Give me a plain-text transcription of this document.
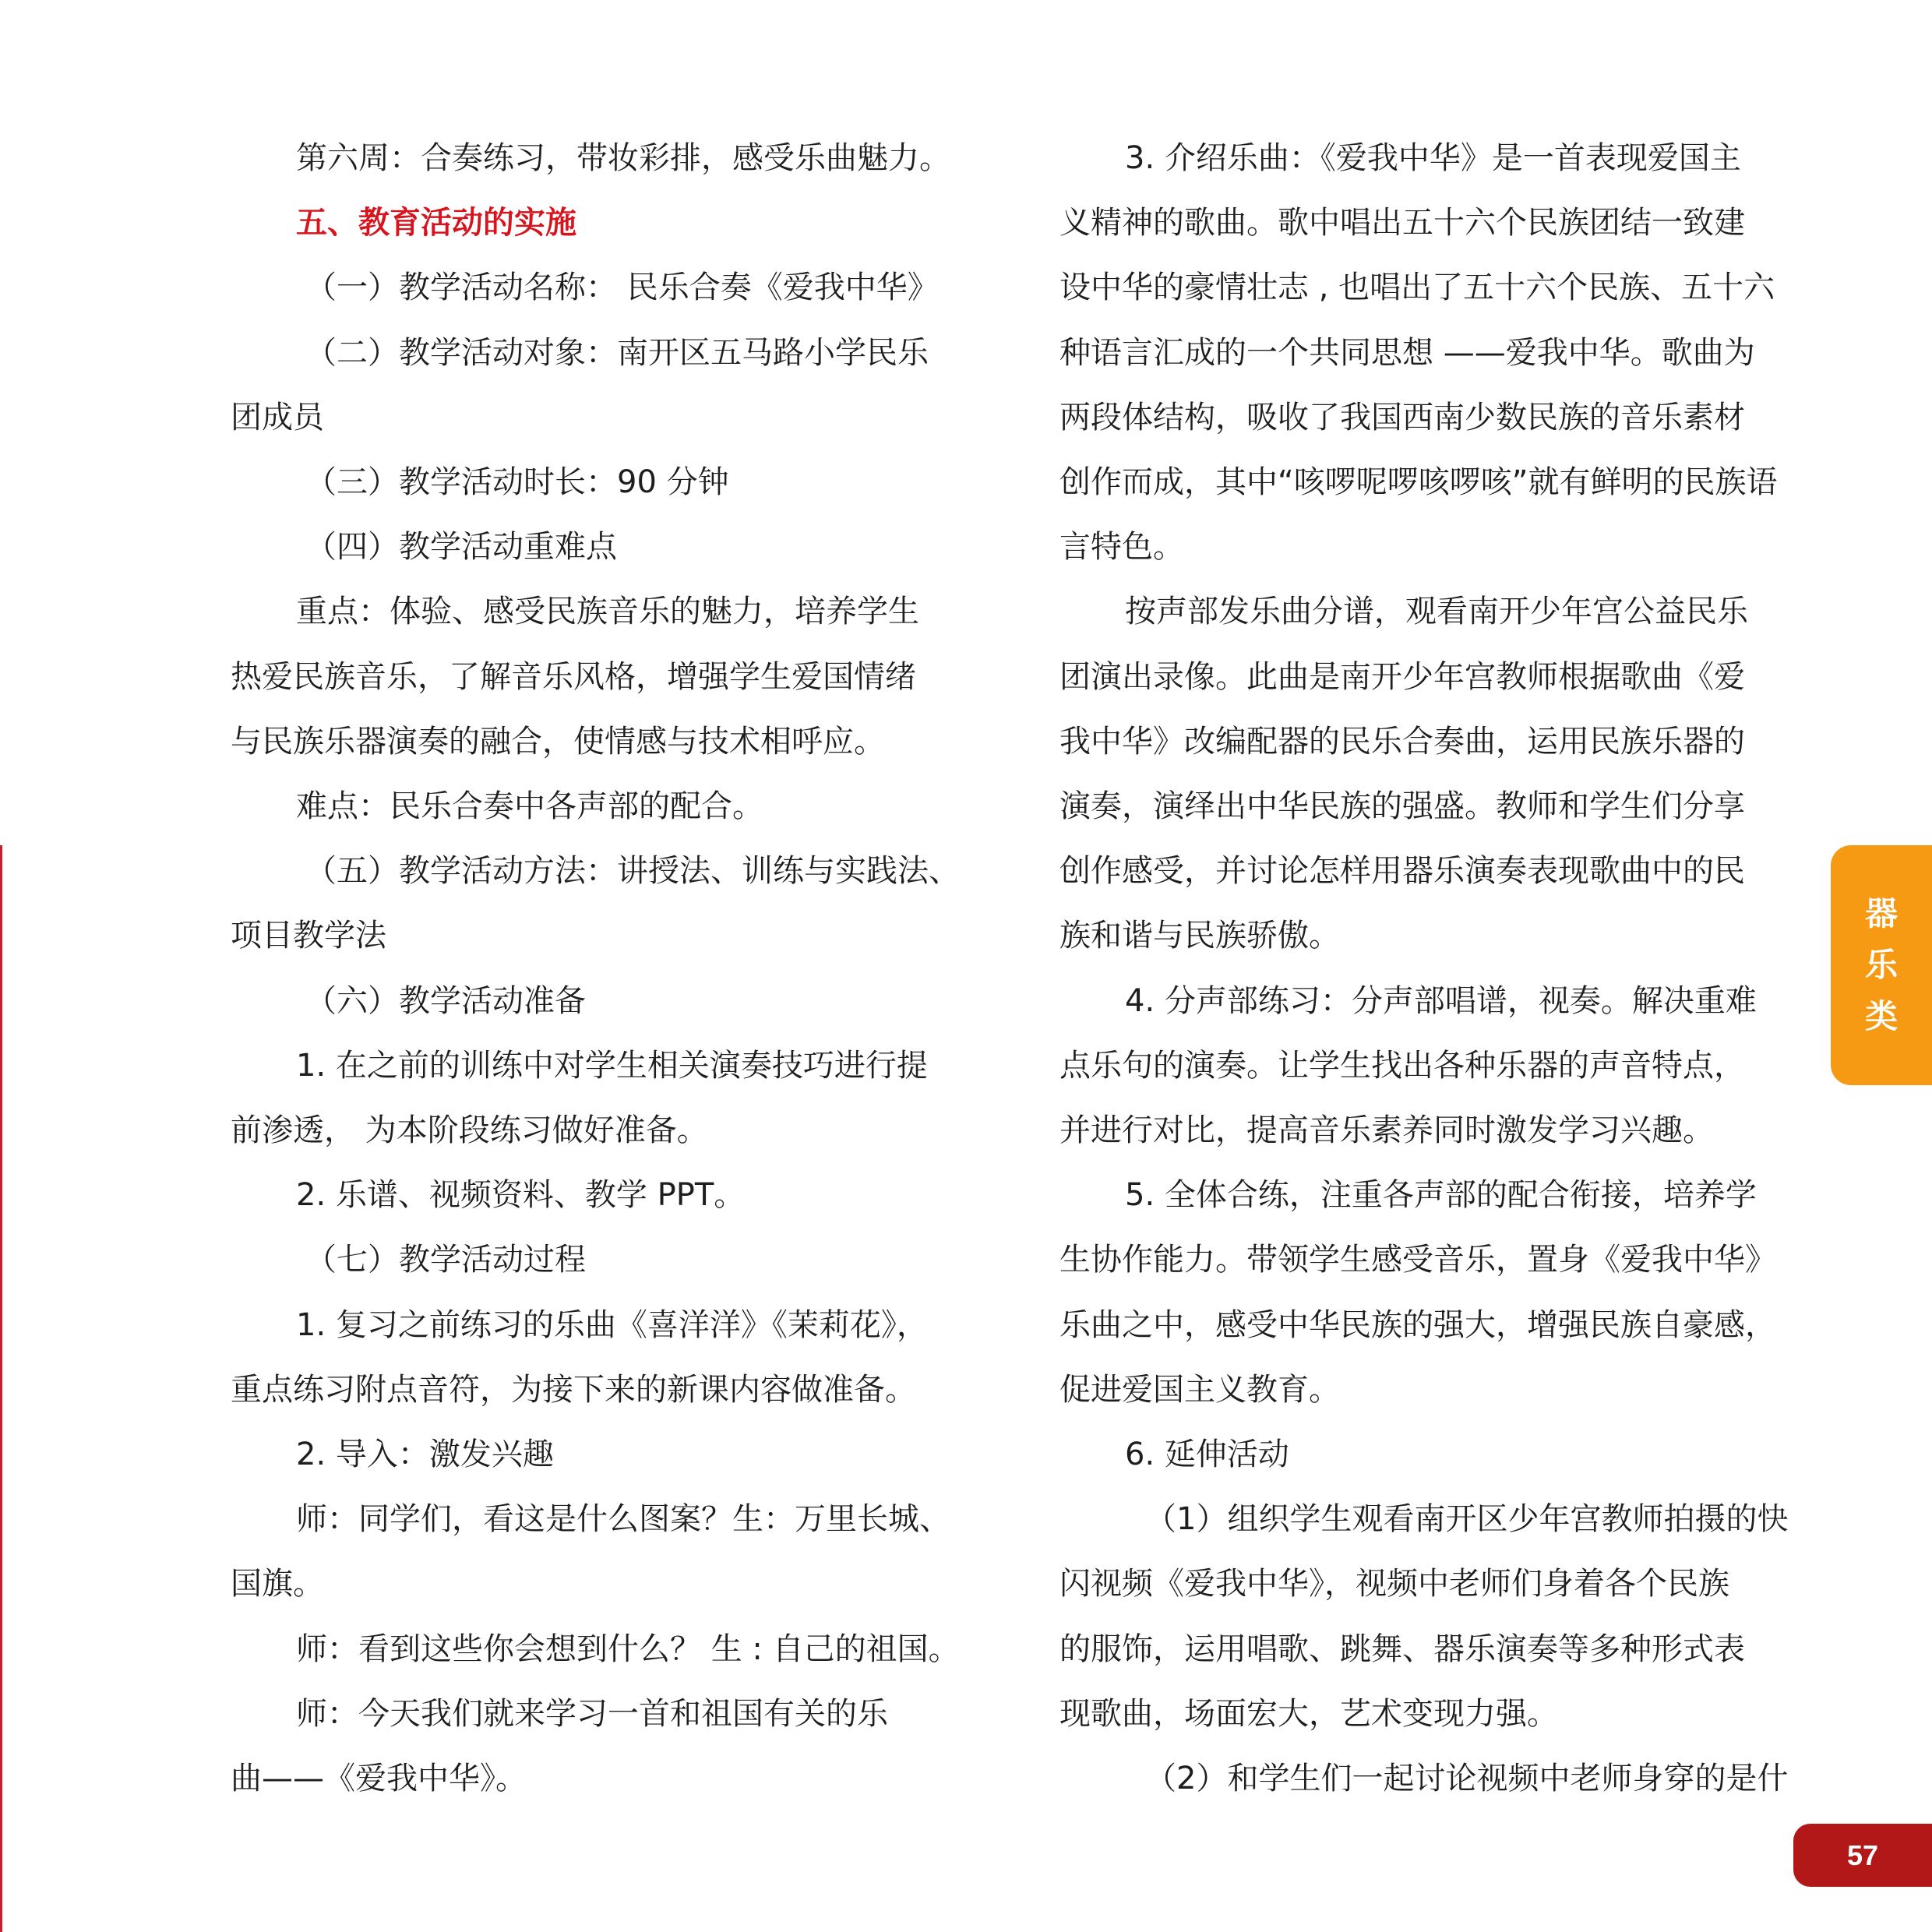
第六周：合奏练习，带妆彩排，感受乐曲魅力。

五、教育活动的实施

（一）教学活动名称： 民乐合奏《爱我中华》

（二）教学活动对象：南开区五马路小学民乐

团成员

（三）教学活动时长：90 分钟

（四）教学活动重难点

重点：体验、感受民族音乐的魅力，培养学生

热爱民族音乐，了解音乐风格，增强学生爱国情绪

与民族乐器演奏的融合，使情感与技术相呼应。

难点：民乐合奏中各声部的配合。

（五）教学活动方法：讲授法、训练与实践法、

项目教学法

（六）教学活动准备

1. 在之前的训练中对学生相关演奏技巧进行提

前渗透， 为本阶段练习做好准备。

2. 乐谱、视频资料、教学 PPT。

（七）教学活动过程

1. 复习之前练习的乐曲《喜洋洋》《茉莉花》，

重点练习附点音符，为接下来的新课内容做准备。

2. 导入：激发兴趣

师：同学们，看这是什么图案？生：万里长城、

国旗。

师：看到这些你会想到什么？ 生 : 自己的祖国。

师：今天我们就来学习一首和祖国有关的乐

曲——《爱我中华》。

3. 介绍乐曲：《爱我中华》是一首表现爱国主

义精神的歌曲。歌中唱出五十六个民族团结一致建

设中华的豪情壮志 , 也唱出了五十六个民族、五十六

种语言汇成的一个共同思想 ——爱我中华。歌曲为

两段体结构，吸收了我国西南少数民族的音乐素材

创作而成，其中“咳啰呢啰咳啰咳”就有鲜明的民族语

言特色。

按声部发乐曲分谱，观看南开少年宫公益民乐

团演出录像。此曲是南开少年宫教师根据歌曲《爱

我中华》改编配器的民乐合奏曲，运用民族乐器的

演奏，演绎出中华民族的强盛。教师和学生们分享

创作感受，并讨论怎样用器乐演奏表现歌曲中的民

族和谐与民族骄傲。

4. 分声部练习：分声部唱谱，视奏。解决重难

点乐句的演奏。让学生找出各种乐器的声音特点，

并进行对比，提高音乐素养同时激发学习兴趣。

5. 全体合练，注重各声部的配合衔接，培养学

生协作能力。带领学生感受音乐，置身《爱我中华》

乐曲之中，感受中华民族的强大，增强民族自豪感，

促进爱国主义教育。

6. 延伸活动

（1）组织学生观看南开区少年宫教师拍摄的快

闪视频《爱我中华》，视频中老师们身着各个民族

的服饰，运用唱歌、跳舞、器乐演奏等多种形式表

现歌曲，场面宏大，艺术变现力强。

（2）和学生们一起讨论视频中老师身穿的是什

器
乐
类
57
